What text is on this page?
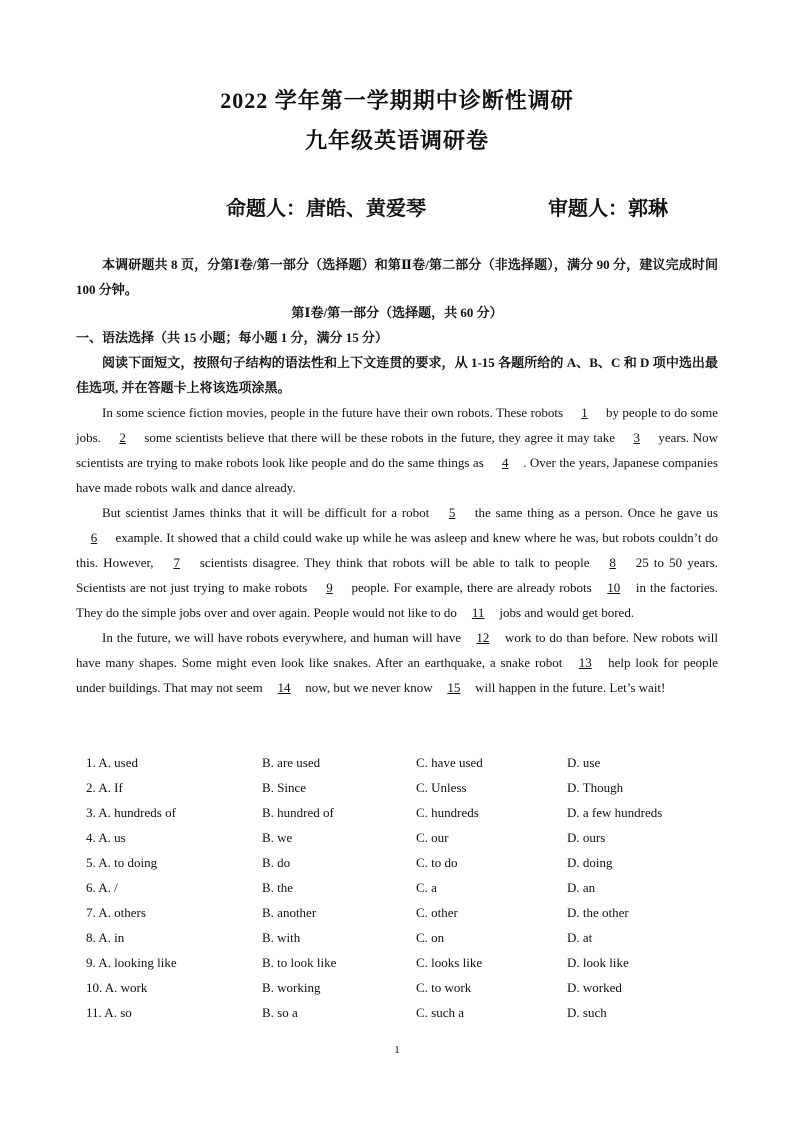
2022 学年第一学期期中诊断性调研
九年级英语调研卷
命题人：唐皓、黄爱琴	审题人：郭琳
本调研题共 8 页，分第Ⅰ卷/第一部分（选择题）和第Ⅱ卷/第二部分（非选择题），满分 90 分，建议完成时间 100 分钟。
第Ⅰ卷/第一部分（选择题，共 60 分）
一、语法选择（共 15 小题；每小题 1 分，满分 15 分）
阅读下面短文，按照句子结构的语法性和上下文连贯的要求，从 1-15 各题所给的 A、B、C 和 D 项中选出最佳选项, 并在答题卡上将该选项涂黑。

In some science fiction movies, people in the future have their own robots. These robots 1 by people to do some jobs. 2 some scientists believe that there will be these robots in the future, they agree it may take 3 years. Now scientists are trying to make robots look like people and do the same things as 4 . Over the years, Japanese companies have made robots walk and dance already.

But scientist James thinks that it will be difficult for a robot 5 the same thing as a person. Once he gave us 6 example. It showed that a child could wake up while he was asleep and knew where he was, but robots couldn’t do this. However, 7 scientists disagree. They think that robots will be able to talk to people 8 25 to 50 years. Scientists are not just trying to make robots 9 people. For example, there are already robots 10 in the factories. They do the simple jobs over and over again. People would not like to do 11 jobs and would get bored.

In the future, we will have robots everywhere, and human will have 12 work to do than before. New robots will have many shapes. Some might even look like snakes. After an earthquake, a snake robot 13 help look for people under buildings. That may not seem 14 now, but we never know 15 will happen in the future. Let’s wait!

1. A. used	B. are used	C. have used	D. use
2. A. If	B. Since	C. Unless	D. Though
3. A. hundreds of	B. hundred of	C. hundreds	D. a few hundreds
4. A. us	B. we	C. our	D. ours
5. A. to doing	B. do	C. to do	D. doing
6. A. /	B. the	C. a	D. an
7. A. others	B. another	C. other	D. the other
8. A. in	B. with	C. on	D. at
9. A. looking like	B. to look like	C. looks like	D. look like
10. A. work	B. working	C. to work	D. worked
11. A. so	B. so a	C. such a	D. such
1
